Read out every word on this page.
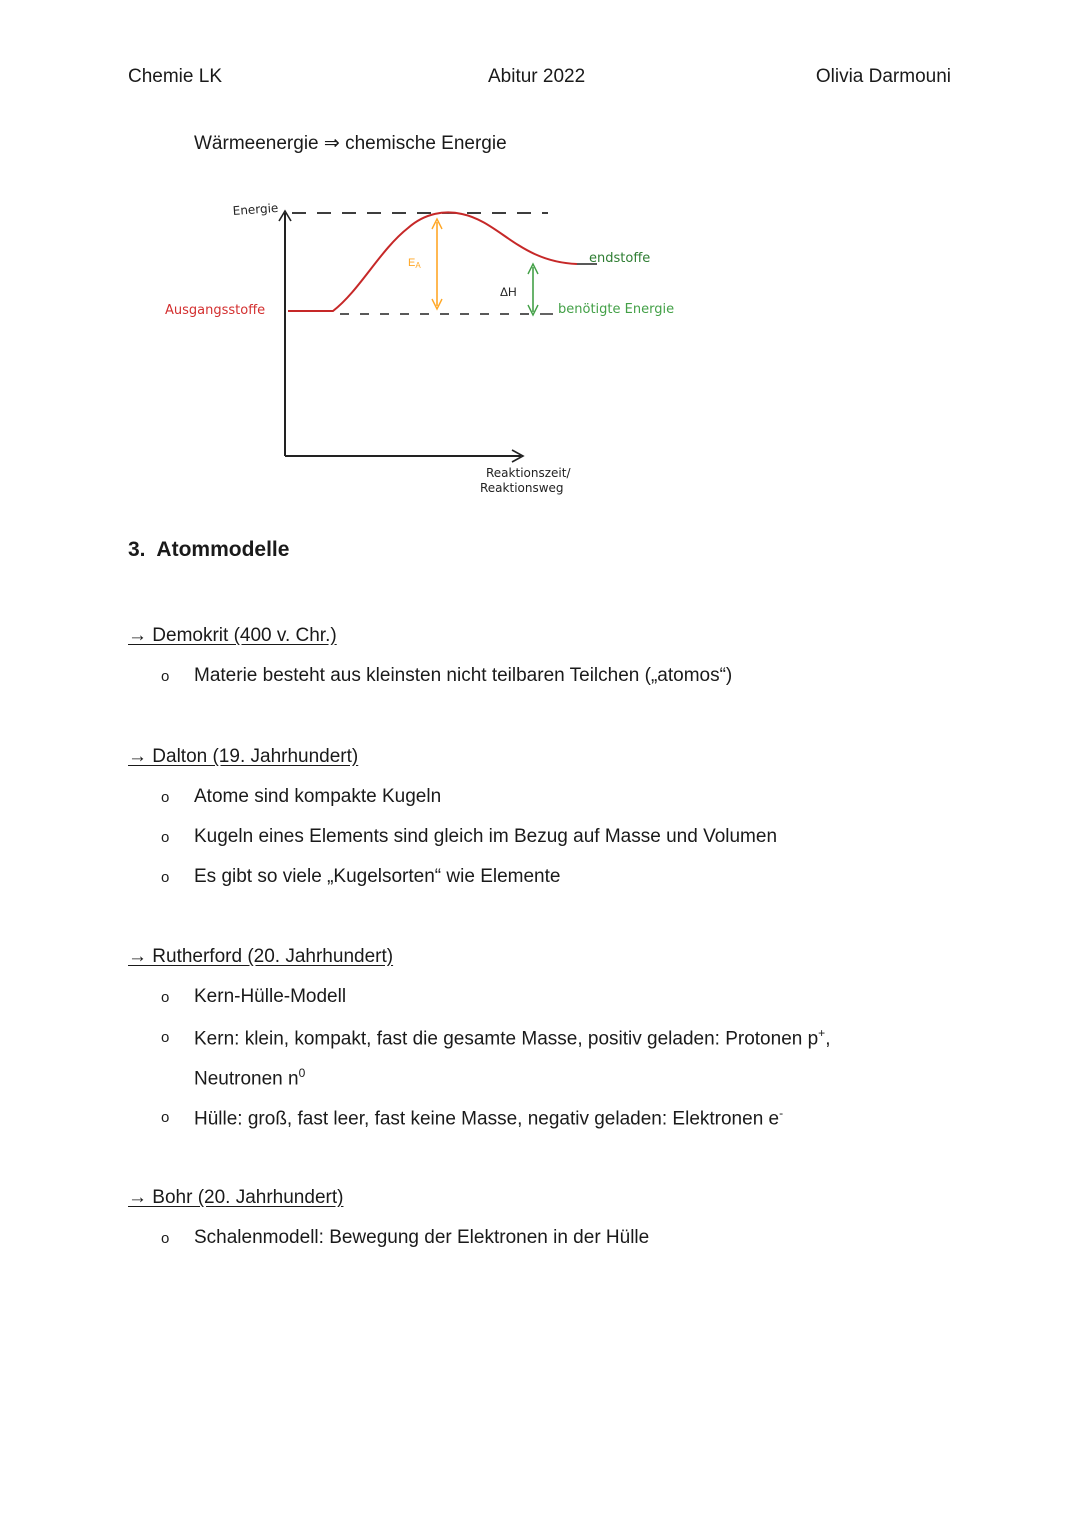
Chemie LK	Abitur 2022	Olivia Darmouni
Wärmeenergie ⇒ chemische Energie
Energie
Ausgangsstoffe
endstoffe
EA
ΔH
benötigte Energie
Reaktionszeit/
Reaktionsweg
3. Atommodelle
→ Demokrit (400 v. Chr.)
o Materie besteht aus kleinsten nicht teilbaren Teilchen („atomos“)
→ Dalton (19. Jahrhundert)
o Atome sind kompakte Kugeln
o Kugeln eines Elements sind gleich im Bezug auf Masse und Volumen
o Es gibt so viele „Kugelsorten“ wie Elemente
→ Rutherford (20. Jahrhundert)
o Kern-Hülle-Modell
o Kern: klein, kompakt, fast die gesamte Masse, positiv geladen: Protonen p+,
Neutronen $n^0$
o Hülle: groß, fast leer, fast keine Masse, negativ geladen: Elektronen e-
→ Bohr (20. Jahrhundert)
o Schalenmodell: Bewegung der Elektronen in der Hülle
